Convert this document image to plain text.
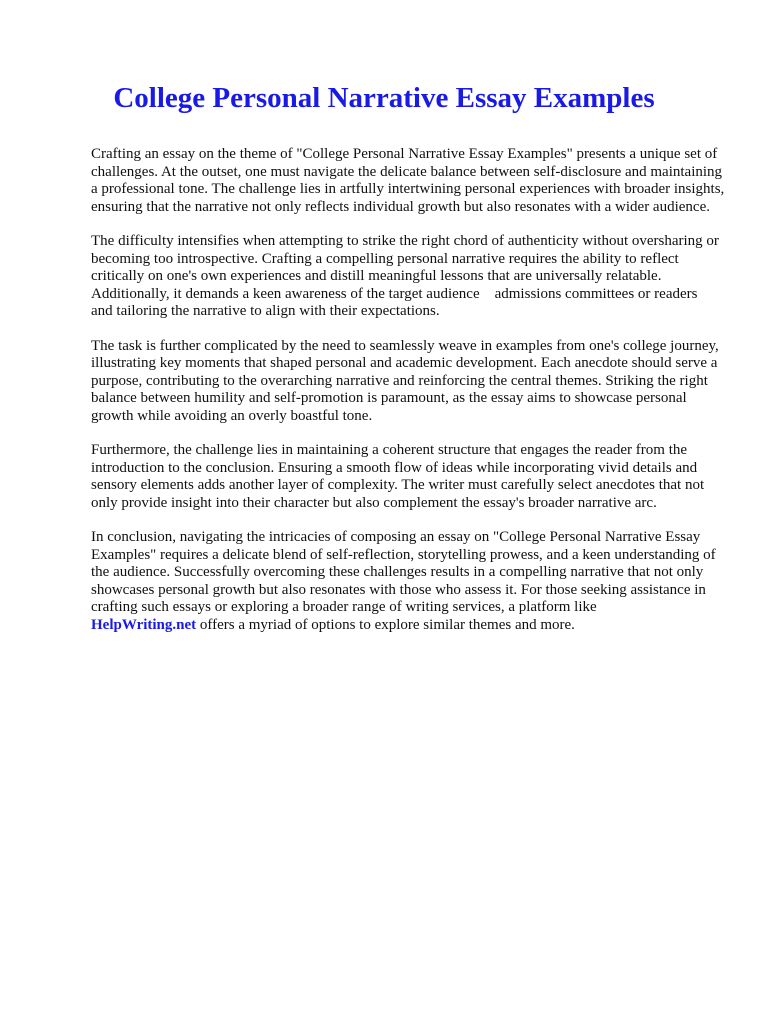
College Personal Narrative Essay Examples

Crafting an essay on the theme of "College Personal Narrative Essay Examples" presents a unique set of challenges. At the outset, one must navigate the delicate balance between self-disclosure and maintaining a professional tone. The challenge lies in artfully intertwining personal experiences with broader insights, ensuring that the narrative not only reflects individual growth but also resonates with a wider audience.

The difficulty intensifies when attempting to strike the right chord of authenticity without oversharing or becoming too introspective. Crafting a compelling personal narrative requires the ability to reflect critically on one's own experiences and distill meaningful lessons that are universally relatable. Additionally, it demands a keen awareness of the target audience   admissions committees or readers   and tailoring the narrative to align with their expectations.

The task is further complicated by the need to seamlessly weave in examples from one's college journey, illustrating key moments that shaped personal and academic development. Each anecdote should serve a purpose, contributing to the overarching narrative and reinforcing the central themes. Striking the right balance between humility and self-promotion is paramount, as the essay aims to showcase personal growth while avoiding an overly boastful tone.

Furthermore, the challenge lies in maintaining a coherent structure that engages the reader from the introduction to the conclusion. Ensuring a smooth flow of ideas while incorporating vivid details and sensory elements adds another layer of complexity. The writer must carefully select anecdotes that not only provide insight into their character but also complement the essay's broader narrative arc.

In conclusion, navigating the intricacies of composing an essay on "College Personal Narrative Essay Examples" requires a delicate blend of self-reflection, storytelling prowess, and a keen understanding of the audience. Successfully overcoming these challenges results in a compelling narrative that not only showcases personal growth but also resonates with those who assess it. For those seeking assistance in crafting such essays or exploring a broader range of writing services, a platform like
HelpWriting.net offers a myriad of options to explore similar themes and more.
